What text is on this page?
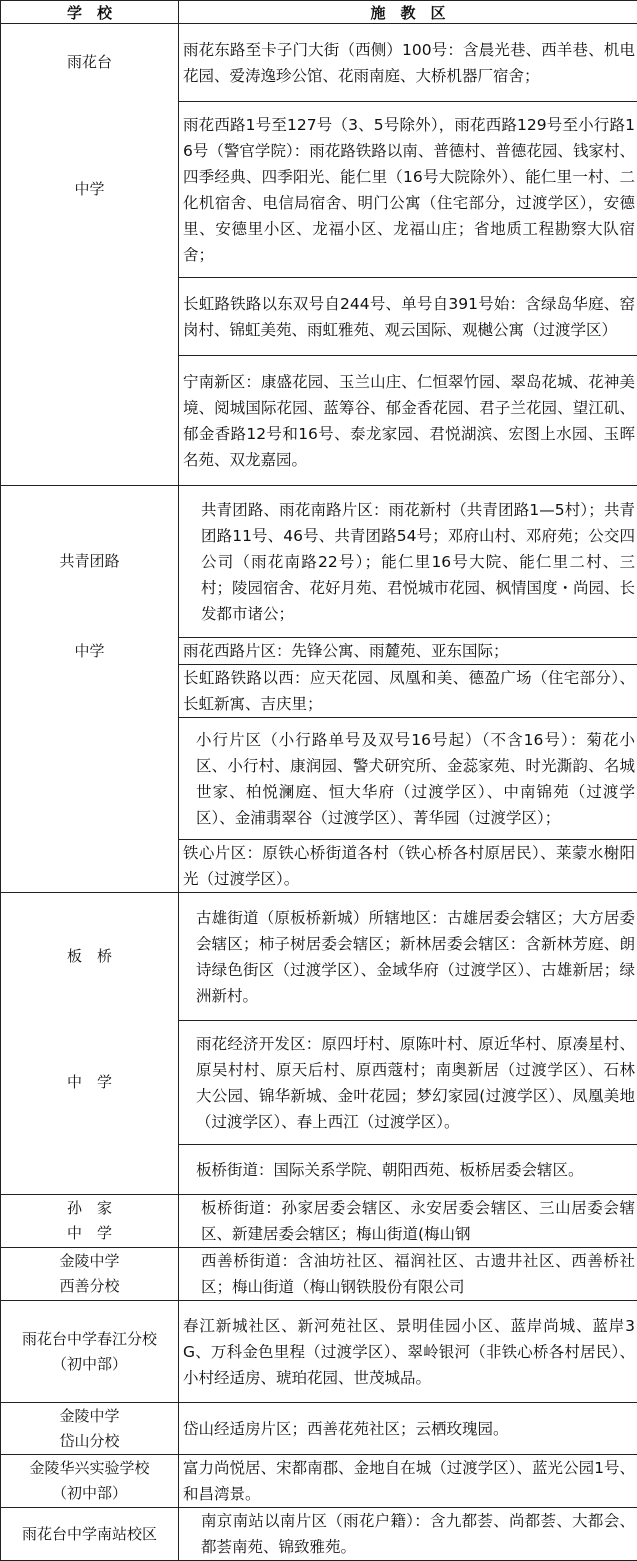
学　校	施　教　区

雨花台	雨花东路至卡子门大街（西侧）100号：含晨光巷、西羊巷、机电花园、爱涛逸珍公馆、花雨南庭、大桥机器厂宿舍；
中学	雨花西路1号至127号（3、5号除外），雨花西路129号至小行路16号（警官学院）：雨花路铁路以南、普德村、普德花园、钱家村、四季经典、四季阳光、能仁里（16号大院除外）、能仁里一村、二化机宿舍、电信局宿舍、明门公寓（住宅部分，过渡学区），安德里、安德里小区、龙福小区、龙福山庄；省地质工程勘察大队宿舍；
	长虹路铁路以东双号自244号、单号自391号始：含绿岛华庭、窑岗村、锦虹美苑、雨虹雅苑、观云国际、观樾公寓（过渡学区）
	宁南新区：康盛花园、玉兰山庄、仁恒翠竹园、翠岛花城、花神美境、阅城国际花园、蓝筹谷、郁金香花园、君子兰花园、望江矶、郁金香路12号和16号、泰龙家园、君悦湖滨、宏图上水园、玉晖名苑、双龙嘉园。
共青团路	共青团路、雨花南路片区：雨花新村（共青团路1—5村）；共青团路11号、46号、共青团路54号；邓府山村、邓府苑；公交四公司（雨花南路22号）；能仁里16号大院、能仁里二村、三村；陵园宿舍、花好月苑、君悦城市花园、枫情国度・尚园、长发都市诸公；
中学	雨花西路片区：先锋公寓、雨麓苑、亚东国际；
	长虹路铁路以西：应天花园、凤凰和美、德盈广场（住宅部分）、长虹新寓、吉庆里；
	小行片区（小行路单号及双号16号起）（不含16号）：菊花小区、小行村、康润园、警犬研究所、金蕊家苑、时光澌韵、名城世家、柏悦澜庭、恒大华府（过渡学区）、中南锦苑（过渡学区）、金浦翡翠谷（过渡学区）、菁华园（过渡学区）；
	铁心片区：原铁心桥街道各村（铁心桥各村原居民）、莱蒙水榭阳光（过渡学区）。
板　桥	古雄街道（原板桥新城）所辖地区：古雄居委会辖区；大方居委会辖区；柿子树居委会辖区；新林居委会辖区：含新林芳庭、朗诗绿色街区（过渡学区）、金域华府（过渡学区）、古雄新居；绿洲新村。
中　学	雨花经济开发区：原四圩村、原陈叶村、原近华村、原凑星村、原吴村村、原天后村、原西蔻村；南奥新居（过渡学区）、石林大公园、锦华新城、金叶花园；梦幻家园(过渡学区）、凤凰美地（过渡学区）、春上西江（过渡学区）。
	板桥街道：国际关系学院、朝阳西苑、板桥居委会辖区。

孙　家
中　学	板桥街道：孙家居委会辖区、永安居委会辖区、三山居委会辖区、新建居委会辖区；梅山街道(梅山钢

金陵中学
西善分校	西善桥街道：含油坊社区、福润社区、古遗井社区、西善桥社区；梅山街道（梅山钢铁股份有限公司

雨花台中学春江分校
（初中部）	春江新城社区、新河苑社区、景明佳园小区、蓝岸尚城、蓝岸3G、万科金色里程（过渡学区）、翠岭银河（非铁心桥各村居民）、小村经适房、琥珀花园、世茂城品。

金陵中学
岱山分校	岱山经适房片区；西善花苑社区；云栖玫瑰园。

金陵华兴实验学校
（初中部）	富力尚悦居、宋都南郡、金地自在城（过渡学区）、蓝光公园1号、和昌湾景。
雨花台中学南站校区	南京南站以南片区（雨花户籍）：含九都荟、尚都荟、大都会、都荟南苑、锦致雅苑。
